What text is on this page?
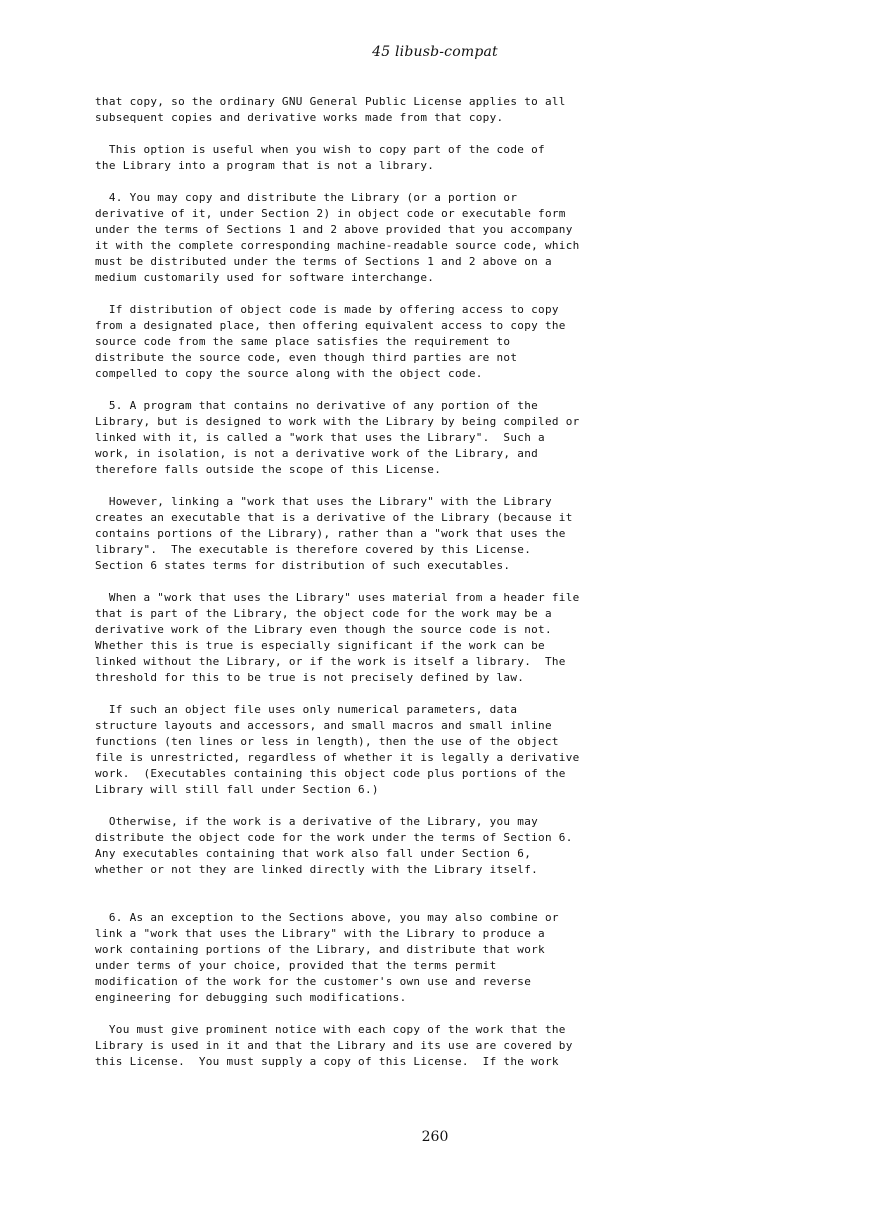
45 libusb-compat
that copy, so the ordinary GNU General Public License applies to all
subsequent copies and derivative works made from that copy.
This option is useful when you wish to copy part of the code of
the Library into a program that is not a library.
4. You may copy and distribute the Library (or a portion or
derivative of it, under Section 2) in object code or executable form
under the terms of Sections 1 and 2 above provided that you accompany
it with the complete corresponding machine-readable source code, which
must be distributed under the terms of Sections 1 and 2 above on a
medium customarily used for software interchange.
If distribution of object code is made by offering access to copy
from a designated place, then offering equivalent access to copy the
source code from the same place satisfies the requirement to
distribute the source code, even though third parties are not
compelled to copy the source along with the object code.
5. A program that contains no derivative of any portion of the
Library, but is designed to work with the Library by being compiled or
linked with it, is called a "work that uses the Library".  Such a
work, in isolation, is not a derivative work of the Library, and
therefore falls outside the scope of this License.
However, linking a "work that uses the Library" with the Library
creates an executable that is a derivative of the Library (because it
contains portions of the Library), rather than a "work that uses the
library".  The executable is therefore covered by this License.
Section 6 states terms for distribution of such executables.
When a "work that uses the Library" uses material from a header file
that is part of the Library, the object code for the work may be a
derivative work of the Library even though the source code is not.
Whether this is true is especially significant if the work can be
linked without the Library, or if the work is itself a library.  The
threshold for this to be true is not precisely defined by law.
If such an object file uses only numerical parameters, data
structure layouts and accessors, and small macros and small inline
functions (ten lines or less in length), then the use of the object
file is unrestricted, regardless of whether it is legally a derivative
work.  (Executables containing this object code plus portions of the
Library will still fall under Section 6.)
Otherwise, if the work is a derivative of the Library, you may
distribute the object code for the work under the terms of Section 6.
Any executables containing that work also fall under Section 6,
whether or not they are linked directly with the Library itself.
6. As an exception to the Sections above, you may also combine or
link a "work that uses the Library" with the Library to produce a
work containing portions of the Library, and distribute that work
under terms of your choice, provided that the terms permit
modification of the work for the customer's own use and reverse
engineering for debugging such modifications.
You must give prominent notice with each copy of the work that the
Library is used in it and that the Library and its use are covered by
this License.  You must supply a copy of this License.  If the work
260
